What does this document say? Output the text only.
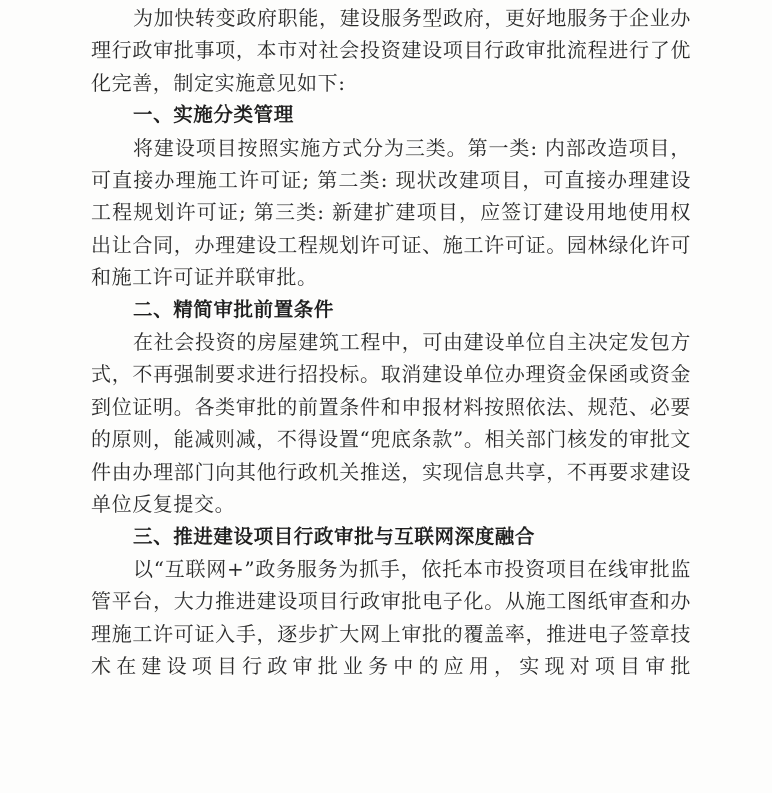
为加快转变政府职能，建设服务型政府，更好地服务于企业办理行政审批事项，本市对社会投资建设项目行政审批流程进行了优化完善，制定实施意见如下:

一、实施分类管理

将建设项目按照实施方式分为三类。第一类: 内部改造项目，可直接办理施工许可证; 第二类: 现状改建项目，可直接办理建设工程规划许可证; 第三类: 新建扩建项目，应签订建设用地使用权出让合同，办理建设工程规划许可证、施工许可证。园林绿化许可和施工许可证并联审批。

二、精简审批前置条件

在社会投资的房屋建筑工程中，可由建设单位自主决定发包方式，不再强制要求进行招投标。取消建设单位办理资金保函或资金到位证明。各类审批的前置条件和申报材料按照依法、规范、必要的原则，能减则减，不得设置“兜底条款”。相关部门核发的审批文件由办理部门向其他行政机关推送，实现信息共享，不再要求建设单位反复提交。

三、推进建设项目行政审批与互联网深度融合

以“互联网+”政务服务为抓手，依托本市投资项目在线审批监管平台，大力推进建设项目行政审批电子化。从施工图纸审查和办理施工许可证入手，逐步扩大网上审批的覆盖率，推进电子签章技术在建设项目行政审批业务中的应用，实现对项目审批
